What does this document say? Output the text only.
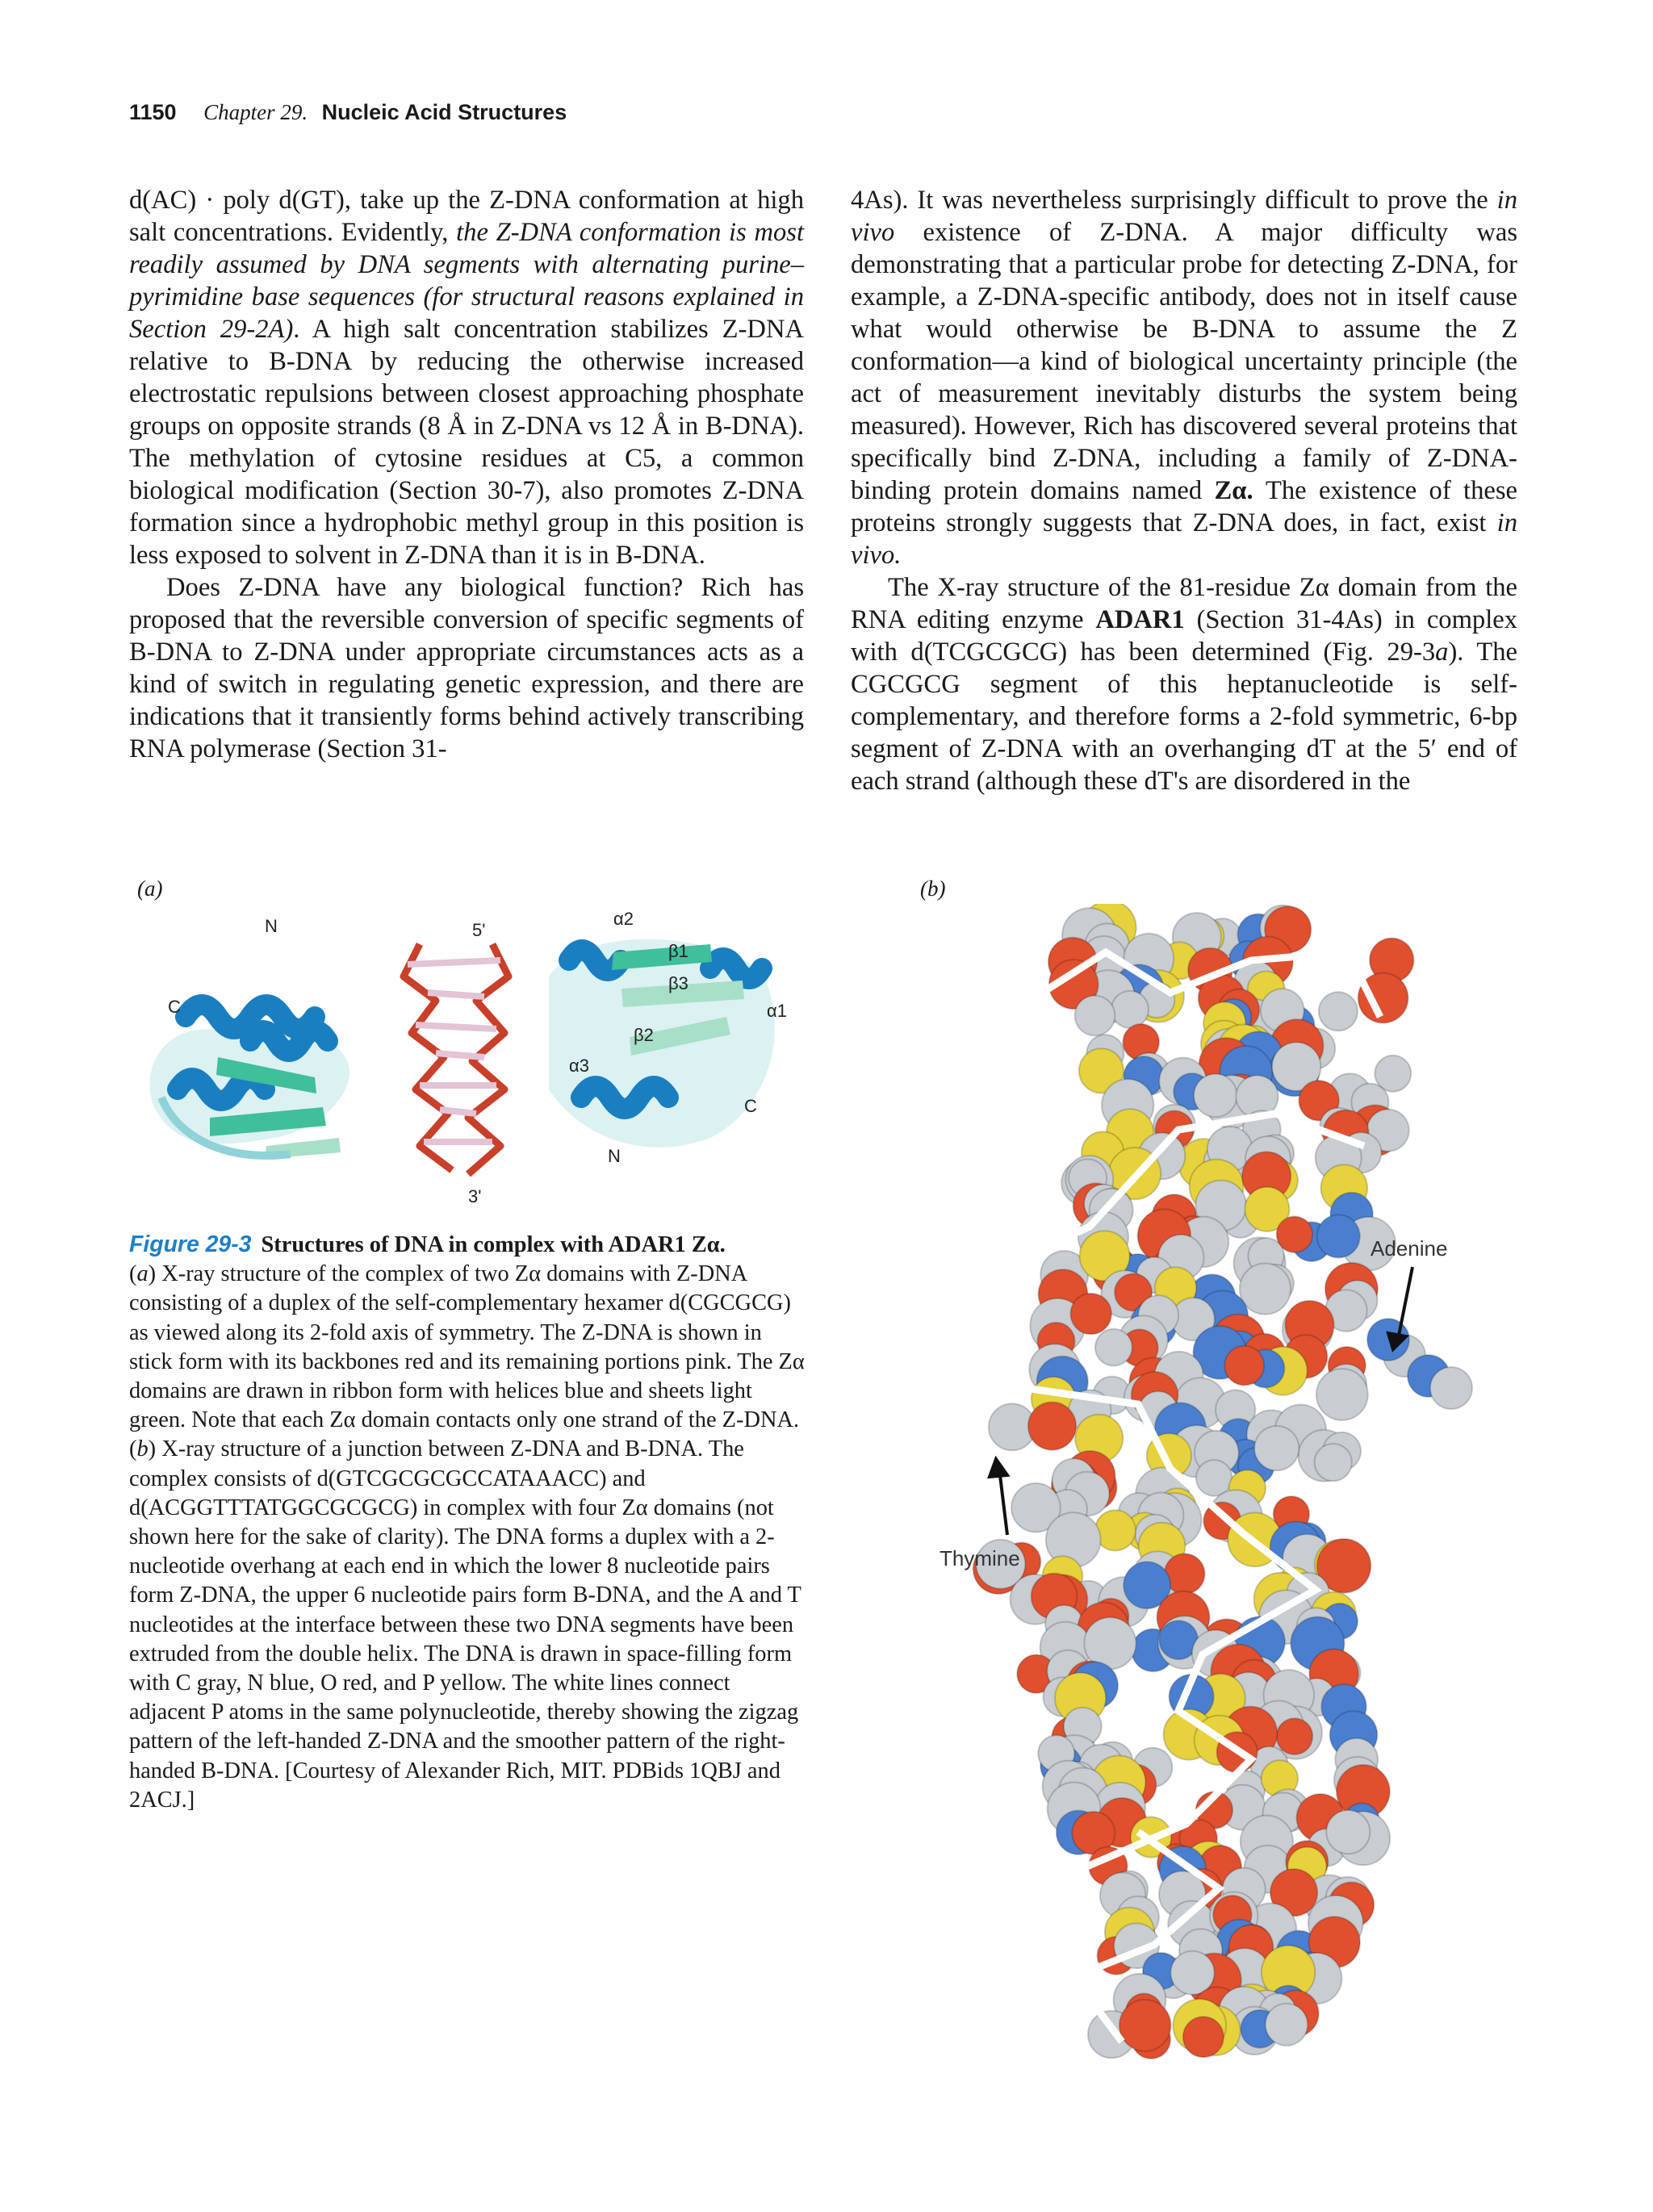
1150 Chapter 29. Nucleic Acid Structures

d(AC) · poly d(GT), take up the Z-DNA conformation at high salt concentrations. Evidently, the Z-DNA conformation is most readily assumed by DNA segments with alternating purine–pyrimidine base sequences (for structural reasons explained in Section 29-2A). A high salt concentration stabilizes Z-DNA relative to B-DNA by reducing the otherwise increased electrostatic repulsions between closest approaching phosphate groups on opposite strands (8 Å in Z-DNA vs 12 Å in B-DNA). The methylation of cytosine residues at C5, a common biological modification (Section 30-7), also promotes Z-DNA formation since a hydrophobic methyl group in this position is less exposed to solvent in Z-DNA than it is in B-DNA.

Does Z-DNA have any biological function? Rich has proposed that the reversible conversion of specific segments of B-DNA to Z-DNA under appropriate circumstances acts as a kind of switch in regulating genetic expression, and there are indications that it transiently forms behind actively transcribing RNA polymerase (Section 31-

4As). It was nevertheless surprisingly difficult to prove the in vivo existence of Z-DNA. A major difficulty was demonstrating that a particular probe for detecting Z-DNA, for example, a Z-DNA-specific antibody, does not in itself cause what would otherwise be B-DNA to assume the Z conformation—a kind of biological uncertainty principle (the act of measurement inevitably disturbs the system being measured). However, Rich has discovered several proteins that specifically bind Z-DNA, including a family of Z-DNA-binding protein domains named Zα. The existence of these proteins strongly suggests that Z-DNA does, in fact, exist in vivo.

The X-ray structure of the 81-residue Zα domain from the RNA editing enzyme ADAR1 (Section 31-4As) in complex with d(TCGCGCG) has been determined (Fig. 29-3a). The CGCGCG segment of this heptanucleotide is self-complementary, and therefore forms a 2-fold symmetric, 6-bp segment of Z-DNA with an overhanging dT at the 5′ end of each strand (although these dT's are disordered in the

(a)	(b)
N
C
5'
3'
α2
β1
β3
α1
β2
α3
C
N

Figure 29-3 Structures of DNA in complex with ADAR1 Zα.

(a) X-ray structure of the complex of two Zα domains with Z-DNA consisting of a duplex of the self-complementary hexamer d(CGCGCG) as viewed along its 2-fold axis of symmetry. The Z-DNA is shown in stick form with its backbones red and its remaining portions pink. The Zα domains are drawn in ribbon form with helices blue and sheets light green. Note that each Zα domain contacts only one strand of the Z-DNA.

(b) X-ray structure of a junction between Z-DNA and B-DNA. The complex consists of d(GTCGCGCGCCATAAACC) and d(ACGGTTTATGGCGCGCG) in complex with four Zα domains (not shown here for the sake of clarity). The DNA forms a duplex with a 2-nucleotide overhang at each end in which the lower 8 nucleotide pairs form Z-DNA, the upper 6 nucleotide pairs form B-DNA, and the A and T nucleotides at the interface between these two DNA segments have been extruded from the double helix. The DNA is drawn in space-filling form with C gray, N blue, O red, and P yellow. The white lines connect adjacent P atoms in the same polynucleotide, thereby showing the zigzag pattern of the left-handed Z-DNA and the smoother pattern of the right-handed B-DNA. [Courtesy of Alexander Rich, MIT. PDBids 1QBJ and 2ACJ.]

Adenine
Thymine
